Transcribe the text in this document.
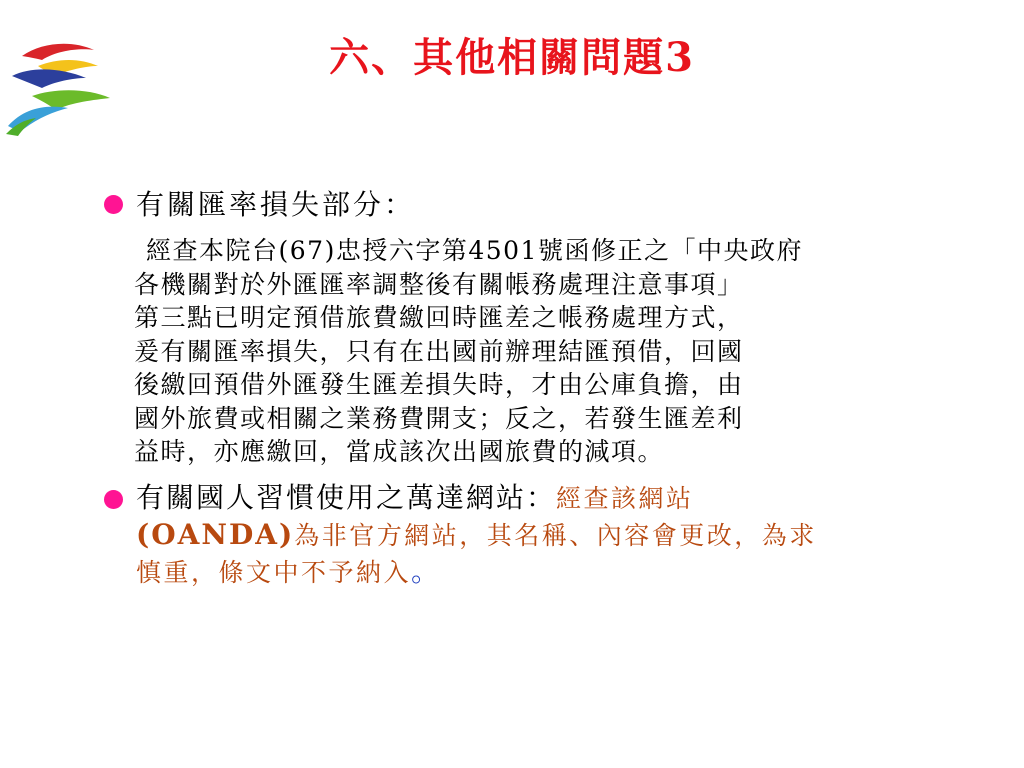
六、其他相關問題3
有關匯率損失部分：
經查本院台(67)忠授六字第4501號函修正之「中央政府
各機關對於外匯匯率調整後有關帳務處理注意事項」
第三點已明定預借旅費繳回時匯差之帳務處理方式，
爰有關匯率損失，只有在出國前辦理結匯預借，回國
後繳回預借外匯發生匯差損失時，才由公庫負擔，由
國外旅費或相關之業務費開支；反之，若發生匯差利
益時，亦應繳回，當成該次出國旅費的減項。
有關國人習慣使用之萬達網站：經查該網站
(OANDA)為非官方網站，其名稱、內容會更改，為求
慎重，條文中不予納入。
